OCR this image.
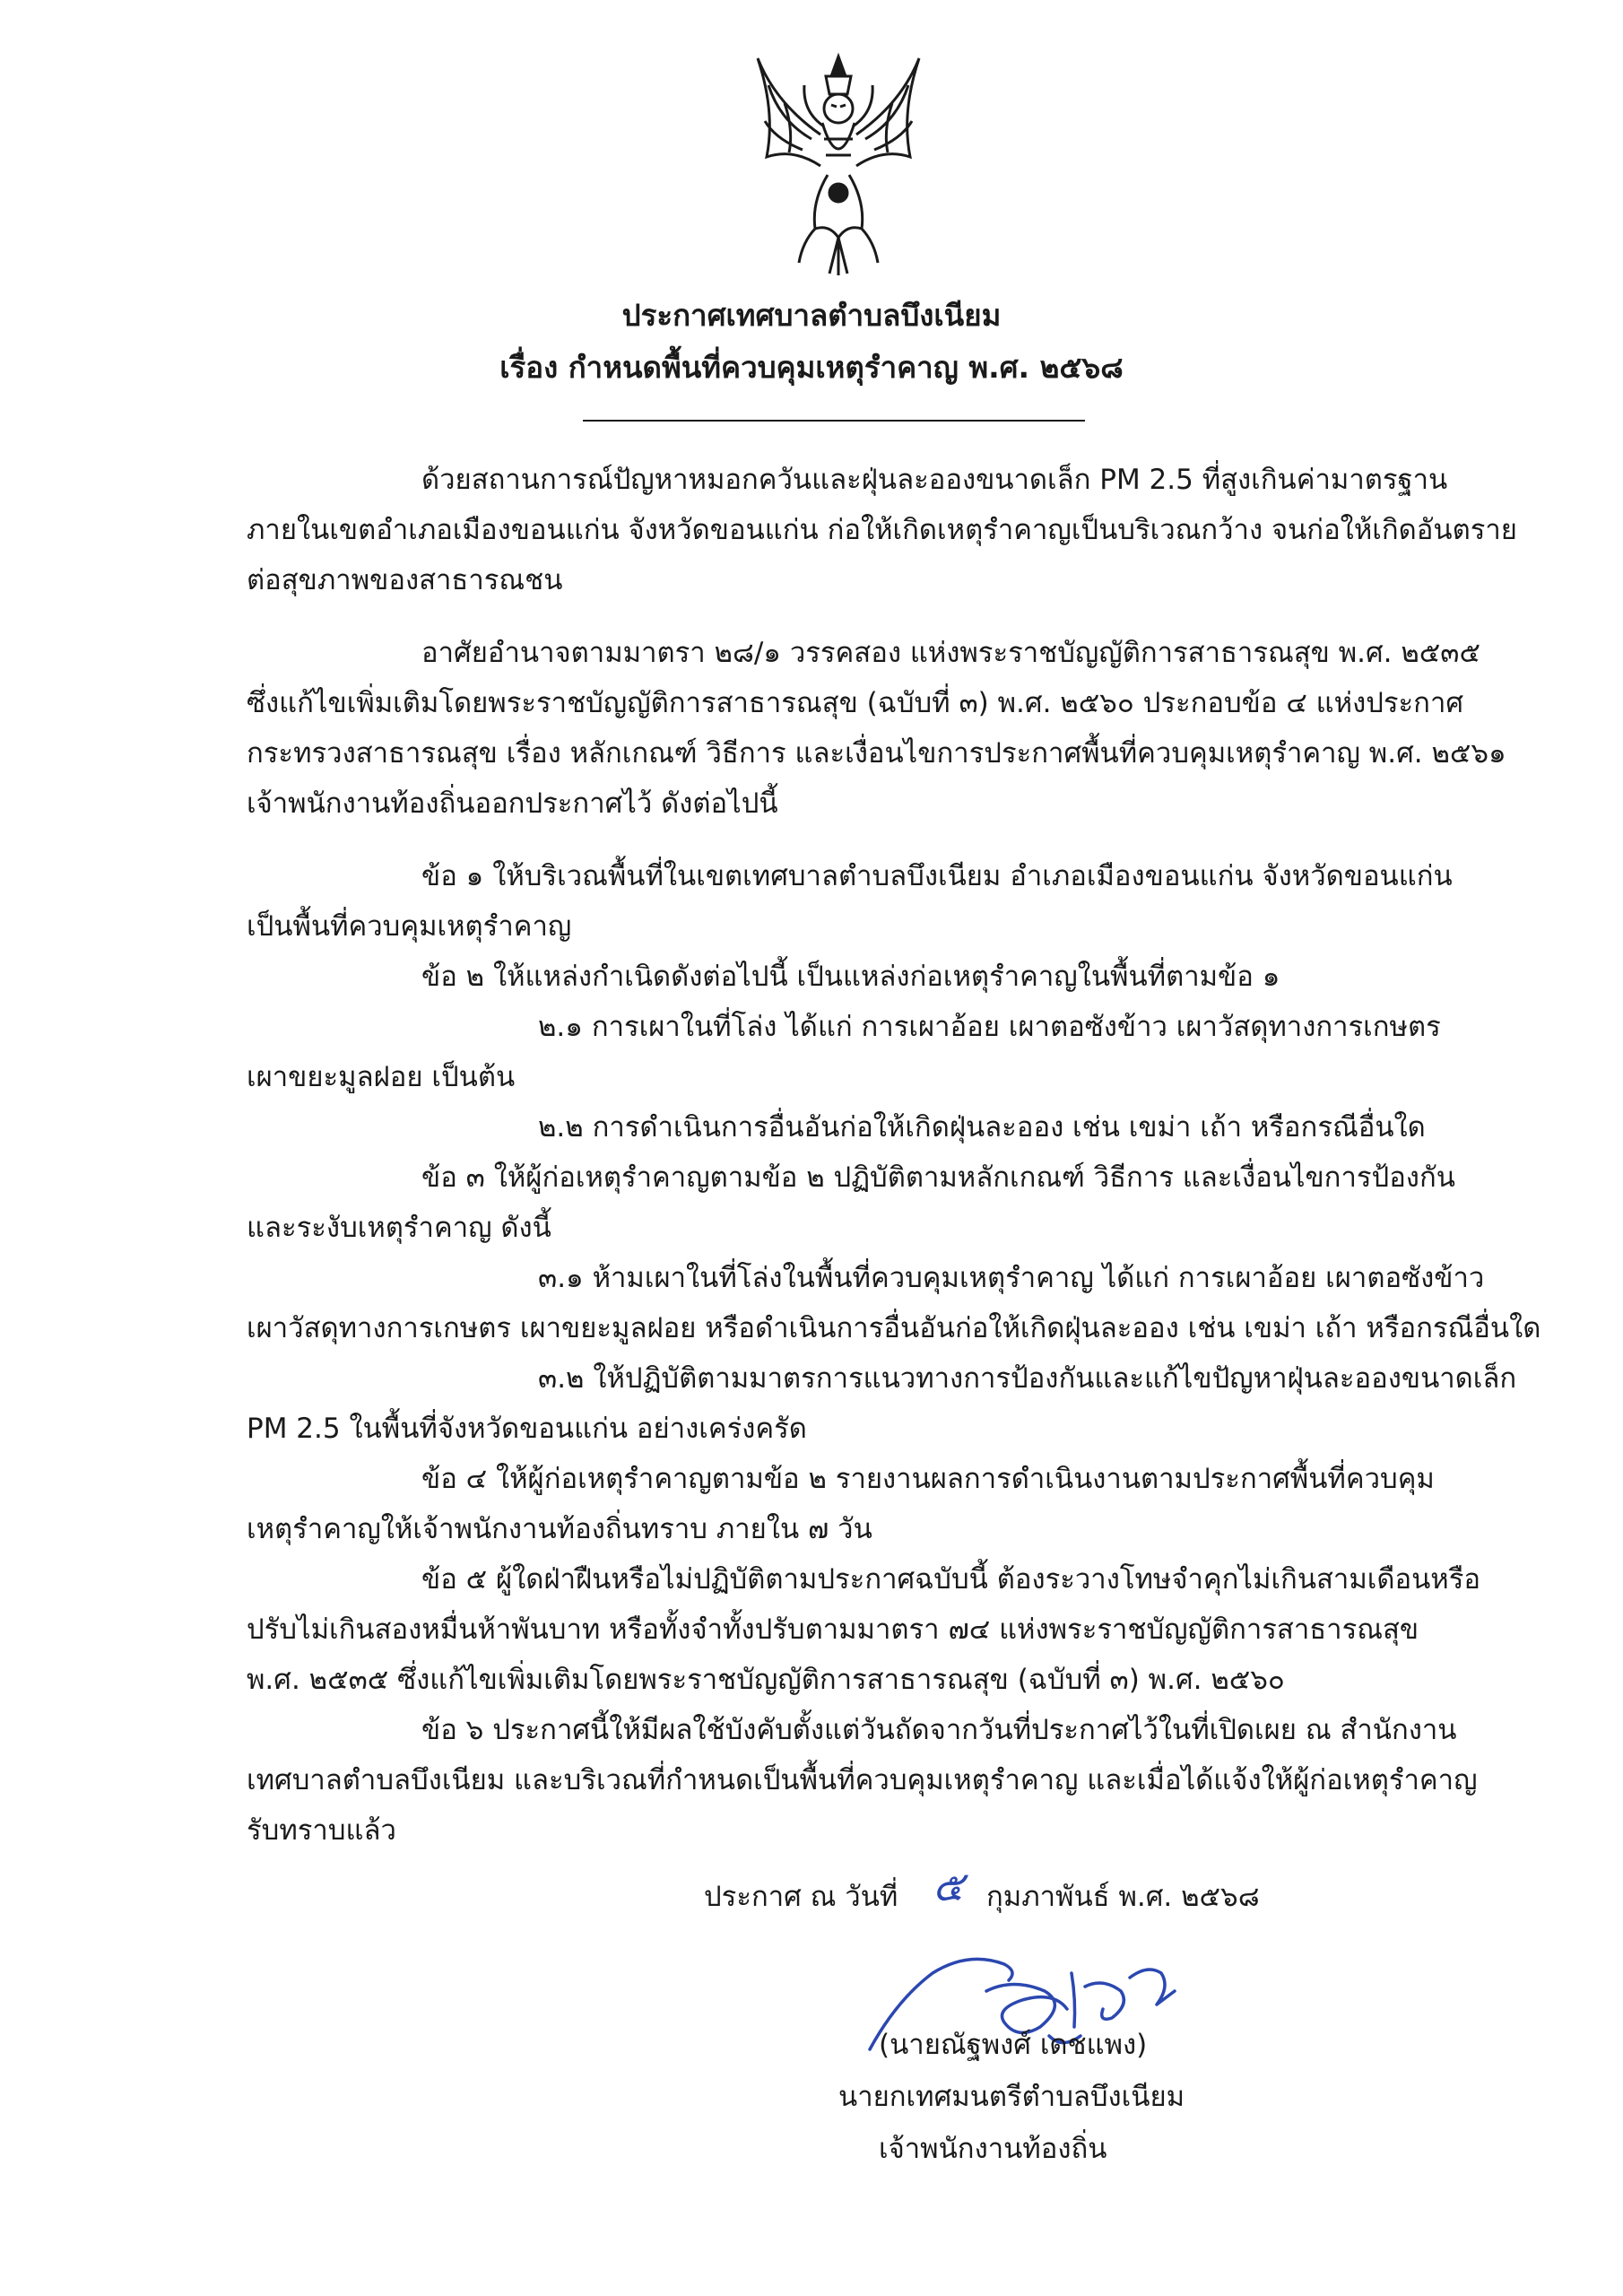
ประกาศเทศบาลตำบลบึงเนียม
เรื่อง กำหนดพื้นที่ควบคุมเหตุรำคาญ พ.ศ. ๒๕๖๘
ด้วยสถานการณ์ปัญหาหมอกควันและฝุ่นละอองขนาดเล็ก PM 2.5 ที่สูงเกินค่ามาตรฐาน
ภายในเขตอำเภอเมืองขอนแก่น จังหวัดขอนแก่น ก่อให้เกิดเหตุรำคาญเป็นบริเวณกว้าง จนก่อให้เกิดอันตราย
ต่อสุขภาพของสาธารณชน
อาศัยอำนาจตามมาตรา ๒๘/๑ วรรคสอง แห่งพระราชบัญญัติการสาธารณสุข พ.ศ. ๒๕๓๕
ซึ่งแก้ไขเพิ่มเติมโดยพระราชบัญญัติการสาธารณสุข (ฉบับที่ ๓) พ.ศ. ๒๕๖๐ ประกอบข้อ ๔ แห่งประกาศ
กระทรวงสาธารณสุข เรื่อง หลักเกณฑ์ วิธีการ และเงื่อนไขการประกาศพื้นที่ควบคุมเหตุรำคาญ พ.ศ. ๒๕๖๑
เจ้าพนักงานท้องถิ่นออกประกาศไว้ ดังต่อไปนี้
ข้อ ๑ ให้บริเวณพื้นที่ในเขตเทศบาลตำบลบึงเนียม อำเภอเมืองขอนแก่น จังหวัดขอนแก่น
เป็นพื้นที่ควบคุมเหตุรำคาญ
ข้อ ๒ ให้แหล่งกำเนิดดังต่อไปนี้ เป็นแหล่งก่อเหตุรำคาญในพื้นที่ตามข้อ ๑
๒.๑ การเผาในที่โล่ง ได้แก่ การเผาอ้อย เผาตอซังข้าว เผาวัสดุทางการเกษตร
เผาขยะมูลฝอย เป็นต้น
๒.๒ การดำเนินการอื่นอันก่อให้เกิดฝุ่นละออง เช่น เขม่า เถ้า หรือกรณีอื่นใด
ข้อ ๓ ให้ผู้ก่อเหตุรำคาญตามข้อ ๒ ปฏิบัติตามหลักเกณฑ์ วิธีการ และเงื่อนไขการป้องกัน
และระงับเหตุรำคาญ ดังนี้
๓.๑ ห้ามเผาในที่โล่งในพื้นที่ควบคุมเหตุรำคาญ ได้แก่ การเผาอ้อย เผาตอซังข้าว
เผาวัสดุทางการเกษตร เผาขยะมูลฝอย หรือดำเนินการอื่นอันก่อให้เกิดฝุ่นละออง เช่น เขม่า เถ้า หรือกรณีอื่นใด
๓.๒ ให้ปฏิบัติตามมาตรการแนวทางการป้องกันและแก้ไขปัญหาฝุ่นละอองขนาดเล็ก
PM 2.5 ในพื้นที่จังหวัดขอนแก่น อย่างเคร่งครัด
ข้อ ๔ ให้ผู้ก่อเหตุรำคาญตามข้อ ๒ รายงานผลการดำเนินงานตามประกาศพื้นที่ควบคุม
เหตุรำคาญให้เจ้าพนักงานท้องถิ่นทราบ ภายใน ๗ วัน
ข้อ ๕ ผู้ใดฝ่าฝืนหรือไม่ปฏิบัติตามประกาศฉบับนี้ ต้องระวางโทษจำคุกไม่เกินสามเดือนหรือ
ปรับไม่เกินสองหมื่นห้าพันบาท หรือทั้งจำทั้งปรับตามมาตรา ๗๔ แห่งพระราชบัญญัติการสาธารณสุข
พ.ศ. ๒๕๓๕ ซึ่งแก้ไขเพิ่มเติมโดยพระราชบัญญัติการสาธารณสุข (ฉบับที่ ๓) พ.ศ. ๒๕๖๐
ข้อ ๖ ประกาศนี้ให้มีผลใช้บังคับตั้งแต่วันถัดจากวันที่ประกาศไว้ในที่เปิดเผย ณ สำนักงาน
เทศบาลตำบลบึงเนียม และบริเวณที่กำหนดเป็นพื้นที่ควบคุมเหตุรำคาญ และเมื่อได้แจ้งให้ผู้ก่อเหตุรำคาญ
รับทราบแล้ว
ประกาศ ณ วันที่ ๕ กุมภาพันธ์ พ.ศ. ๒๕๖๘
(นายณัฐพงศ์ เดชแพง)
นายกเทศมนตรีตำบลบึงเนียม
เจ้าพนักงานท้องถิ่น
